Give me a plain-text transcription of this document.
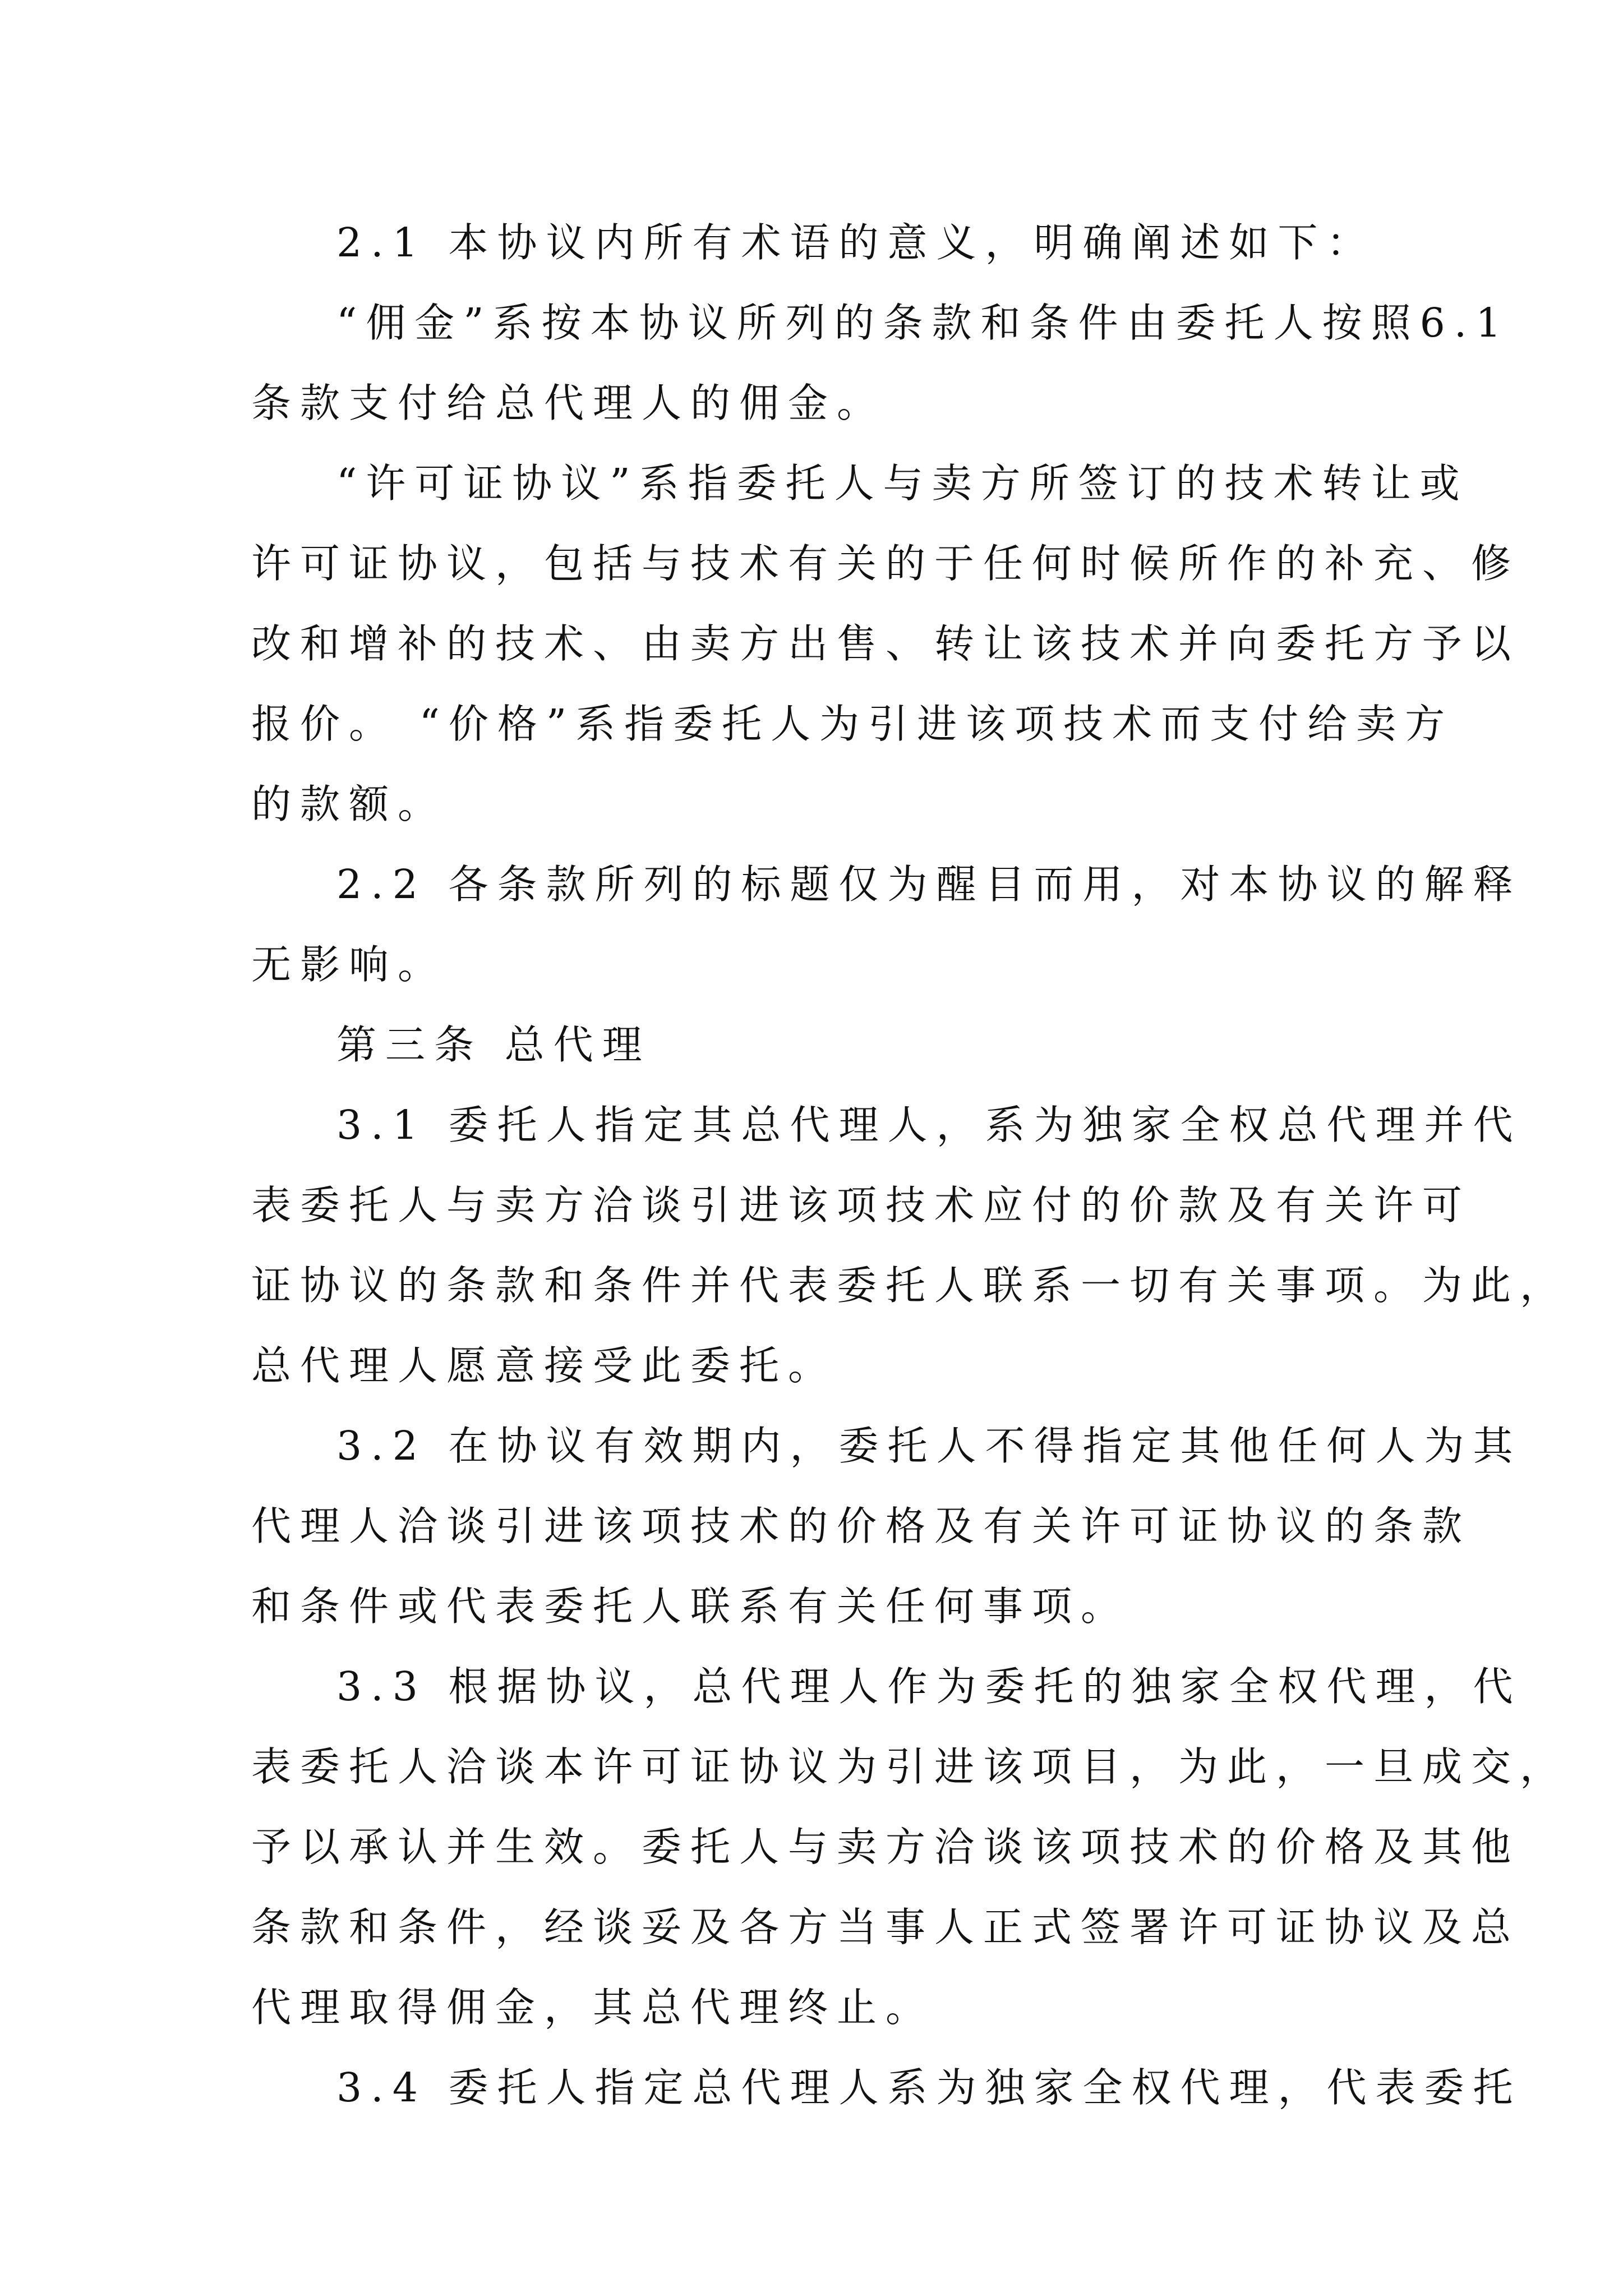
2.1 本协议内所有术语的意义，明确阐述如下：
“佣金”系按本协议所列的条款和条件由委托人按照6.1
条款支付给总代理人的佣金。
“许可证协议”系指委托人与卖方所签订的技术转让或
许可证协议，包括与技术有关的于任何时候所作的补充、修
改和增补的技术、由卖方出售、转让该技术并向委托方予以
报价。 “价格”系指委托人为引进该项技术而支付给卖方
的款额。
2.2 各条款所列的标题仅为醒目而用，对本协议的解释
无影响。
第三条 总代理
3.1 委托人指定其总代理人，系为独家全权总代理并代
表委托人与卖方洽谈引进该项技术应付的价款及有关许可
证协议的条款和条件并代表委托人联系一切有关事项。为此，
总代理人愿意接受此委托。
3.2 在协议有效期内，委托人不得指定其他任何人为其
代理人洽谈引进该项技术的价格及有关许可证协议的条款
和条件或代表委托人联系有关任何事项。
3.3 根据协议，总代理人作为委托的独家全权代理，代
表委托人洽谈本许可证协议为引进该项目，为此，一旦成交，
予以承认并生效。委托人与卖方洽谈该项技术的价格及其他
条款和条件，经谈妥及各方当事人正式签署许可证协议及总
代理取得佣金，其总代理终止。
3.4 委托人指定总代理人系为独家全权代理，代表委托
